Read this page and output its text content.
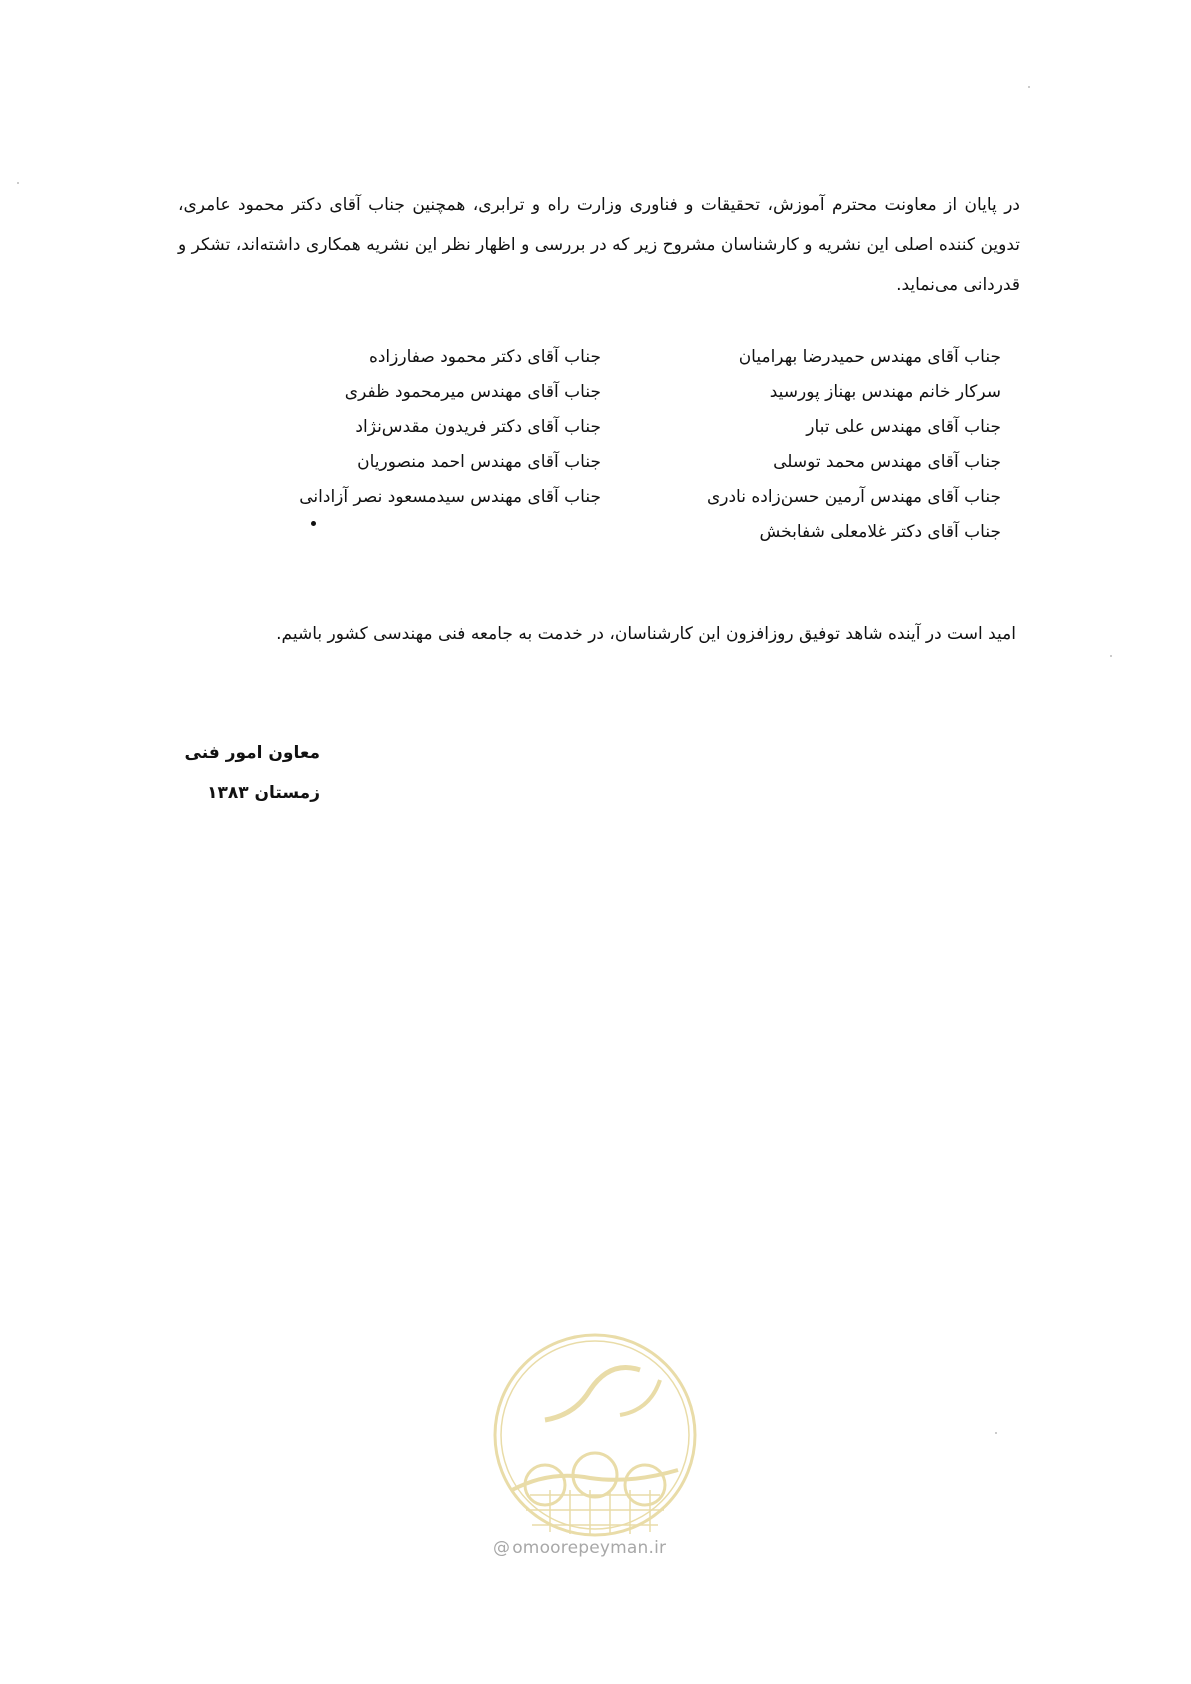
در پایان از معاونت محترم آموزش، تحقیقات و فناوری وزارت راه و ترابری، همچنین جناب آقای دکتر محمود عامری، تدوین کننده اصلی این نشریه و کارشناسان مشروح زیر که در بررسی و اظهار نظر این نشریه همکاری داشته‌اند، تشکر و قدردانی می‌نماید.

جناب آقای مهندس حمیدرضا بهرامیان
سرکار خانم مهندس بهناز پورسید
جناب آقای مهندس علی تبار
جناب آقای مهندس محمد توسلی
جناب آقای مهندس آرمین حسن‌زاده نادری
جناب آقای دکتر غلامعلی شفابخش
جناب آقای دکتر محمود صفارزاده
جناب آقای مهندس میرمحمود ظفری
جناب آقای دکتر فریدون مقدس‌نژاد
جناب آقای مهندس احمد منصوریان
جناب آقای مهندس سیدمسعود نصر آزادانی

امید است در آینده شاهد توفیق روزافزون این کارشناسان، در خدمت به جامعه فنی مهندسی کشور باشیم.

معاون امور فنی
زمستان ۱۳۸۳
@ omoorepeyman.ir
